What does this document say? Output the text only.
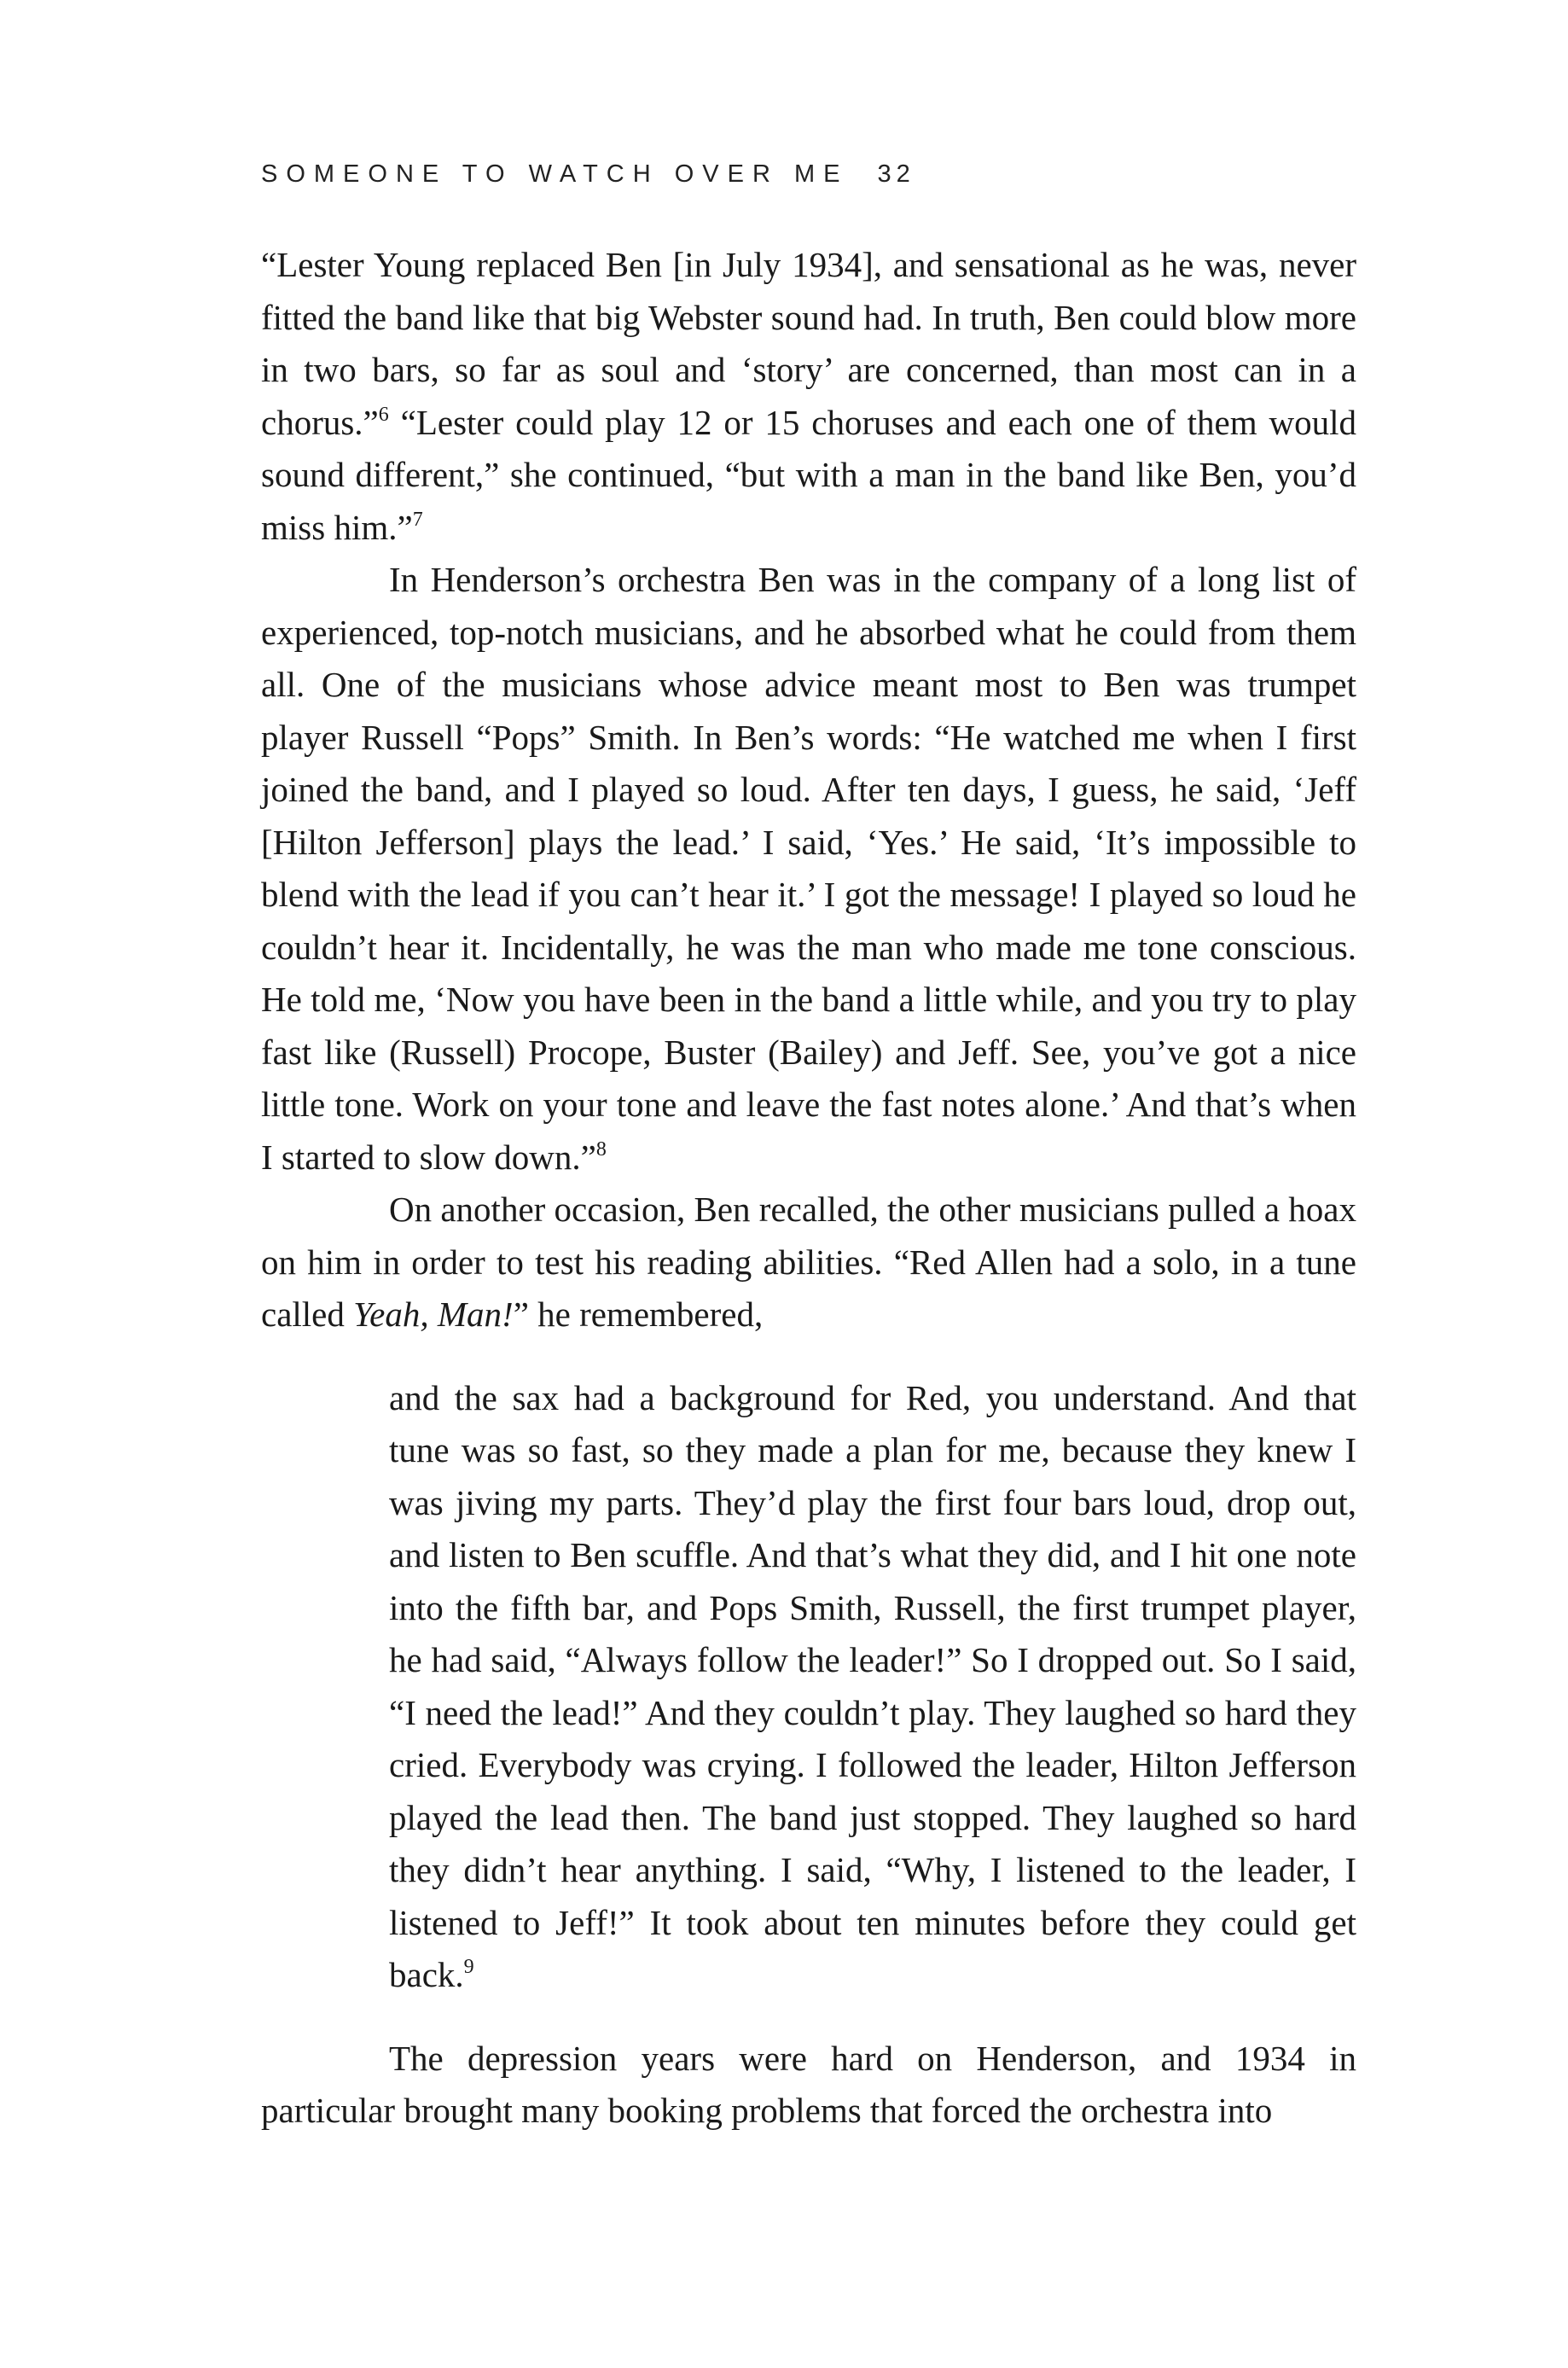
SOMEONE TO WATCH OVER ME 32

“Lester Young replaced Ben [in July 1934], and sensational as he was, never fitted the band like that big Webster sound had. In truth, Ben could blow more in two bars, so far as soul and ‘story’ are concerned, than most can in a chorus.”$^6$ “Lester could play 12 or 15 choruses and each one of them would sound different,” she continued, “but with a man in the band like Ben, you’d miss him.”$^7$

In Henderson’s orchestra Ben was in the company of a long list of experienced, top-notch musicians, and he absorbed what he could from them all. One of the musicians whose advice meant most to Ben was trumpet player Russell “Pops” Smith. In Ben’s words: “He watched me when I first joined the band, and I played so loud. After ten days, I guess, he said, ‘Jeff [Hilton Jefferson] plays the lead.’ I said, ‘Yes.’ He said, ‘It’s impossible to blend with the lead if you can’t hear it.’ I got the message! I played so loud he couldn’t hear it. Incidentally, he was the man who made me tone conscious. He told me, ‘Now you have been in the band a little while, and you try to play fast like (Russell) Procope, Buster (Bailey) and Jeff. See, you’ve got a nice little tone. Work on your tone and leave the fast notes alone.’ And that’s when I started to slow down.”$^8$

On another occasion, Ben recalled, the other musicians pulled a hoax on him in order to test his reading abilities. “Red Allen had a solo, in a tune called Yeah, Man!” he remembered,

and the sax had a background for Red, you understand. And that tune was so fast, so they made a plan for me, because they knew I was jiving my parts. They’d play the first four bars loud, drop out, and listen to Ben scuffle. And that’s what they did, and I hit one note into the fifth bar, and Pops Smith, Russell, the first trumpet player, he had said, “Always follow the leader!” So I dropped out. So I said, “I need the lead!” And they couldn’t play. They laughed so hard they cried. Everybody was crying. I followed the leader, Hilton Jefferson played the lead then. The band just stopped. They laughed so hard they didn’t hear anything. I said, “Why, I listened to the leader, I listened to Jeff!” It took about ten minutes before they could get back.$^9$

The depression years were hard on Henderson, and 1934 in particular brought many booking problems that forced the orchestra into
